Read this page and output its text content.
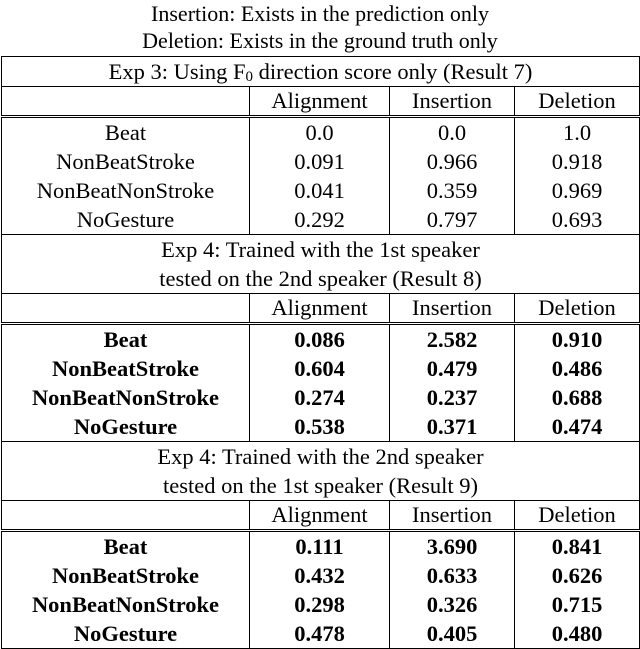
Insertion: Exists in the prediction only
Deletion: Exists in the ground truth only
Exp 3: Using $F_0$ direction score only (Result 7)			
	Alignment	Insertion	Deletion
Beat	0.0	0.0	1.0
NonBeatStroke	0.091	0.966	0.918
NonBeatNonStroke	0.041	0.359	0.969
NoGesture	0.292	0.797	0.693

Exp 4: Trained with the 1st speaker
tested on the 2nd speaker (Result 8)			

	Alignment	Insertion	Deletion
Beat	0.086	2.582	0.910
NonBeatStroke	0.604	0.479	0.486
NonBeatNonStroke	0.274	0.237	0.688
NoGesture	0.538	0.371	0.474

Exp 4: Trained with the 2nd speaker
tested on the 1st speaker (Result 9)			

	Alignment	Insertion	Deletion
Beat	0.111	3.690	0.841
NonBeatStroke	0.432	0.633	0.626
NonBeatNonStroke	0.298	0.326	0.715
NoGesture	0.478	0.405	0.480
